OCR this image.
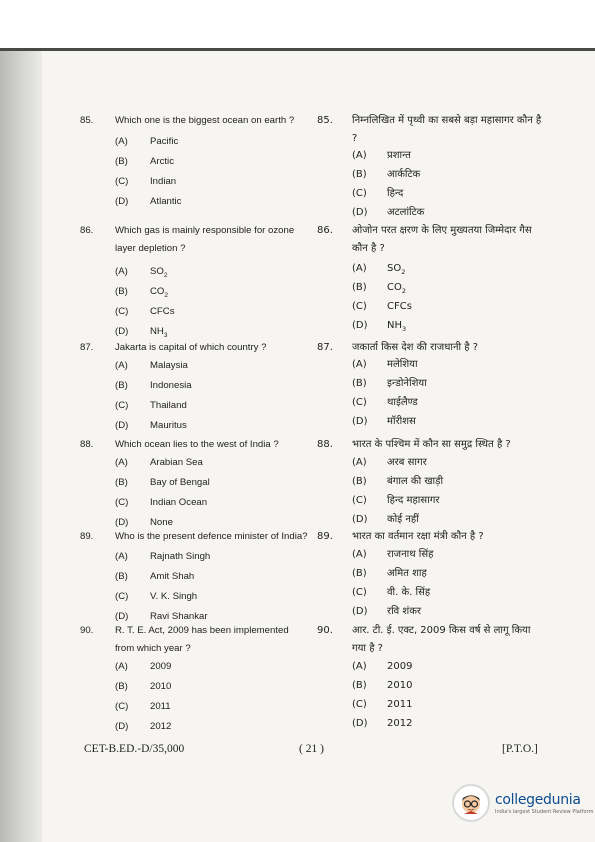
85.	Which one is the biggest ocean on earth ?
(A)	Pacific
(B)	Arctic
(C)	Indian
(D)	Atlantic
86.	Which gas is mainly responsible for ozone layer depletion ?
(A)	$SO_2$
(B)	$CO_2$
(C)	CFCs
(D)	$NH_3$
87.	Jakarta is capital of which country ?
(A)	Malaysia
(B)	Indonesia
(C)	Thailand
(D)	Mauritus
88.	Which ocean lies to the west of India ?
(A)	Arabian Sea
(B)	Bay of Bengal
(C)	Indian Ocean
(D)	None
89.	Who is the present defence minister of India?
(A)	Rajnath Singh
(B)	Amit Shah
(C)	V. K. Singh
(D)	Ravi Shankar
90.	R. T. E. Act, 2009 has been implemented from which year ?
(A)	2009
(B)	2010
(C)	2011
(D)	2012
85.	निम्नलिखित में पृथ्वी का सबसे बड़ा महासागर कौन है ?
(A)	प्रशान्त
(B)	आर्कटिक
(C)	हिन्द
(D)	अटलांटिक
86.	ओजोन परत क्षरण के लिए मुख्यतया जिम्मेदार गैस कौन है ?
(A)	$SO_2$
(B)	$CO_2$
(C)	CFCs
(D)	$NH_3$
87.	जकार्ता किस देश की राजधानी है ?
(A)	मलेशिया
(B)	इन्डोनेशिया
(C)	थाईलैण्ड
(D)	मॉरीशस
88.	भारत के पश्चिम में कौन सा समुद्र स्थित है ?
(A)	अरब सागर
(B)	बंगाल की खाड़ी
(C)	हिन्द महासागर
(D)	कोई नहीं
89.	भारत का वर्तमान रक्षा मंत्री कौन है ?
(A)	राजनाथ सिंह
(B)	अमित शाह
(C)	वी. के. सिंह
(D)	रवि शंकर
90.	आर. टी. ई. एक्ट, 2009 किस वर्ष से लागू किया गया है ?
(A)	2009
(B)	2010
(C)	2011
(D)	2012
CET-B.ED.-D/35,000	( 21 )	[P.T.O.]
collegedunia
India's largest Student Review Platform
